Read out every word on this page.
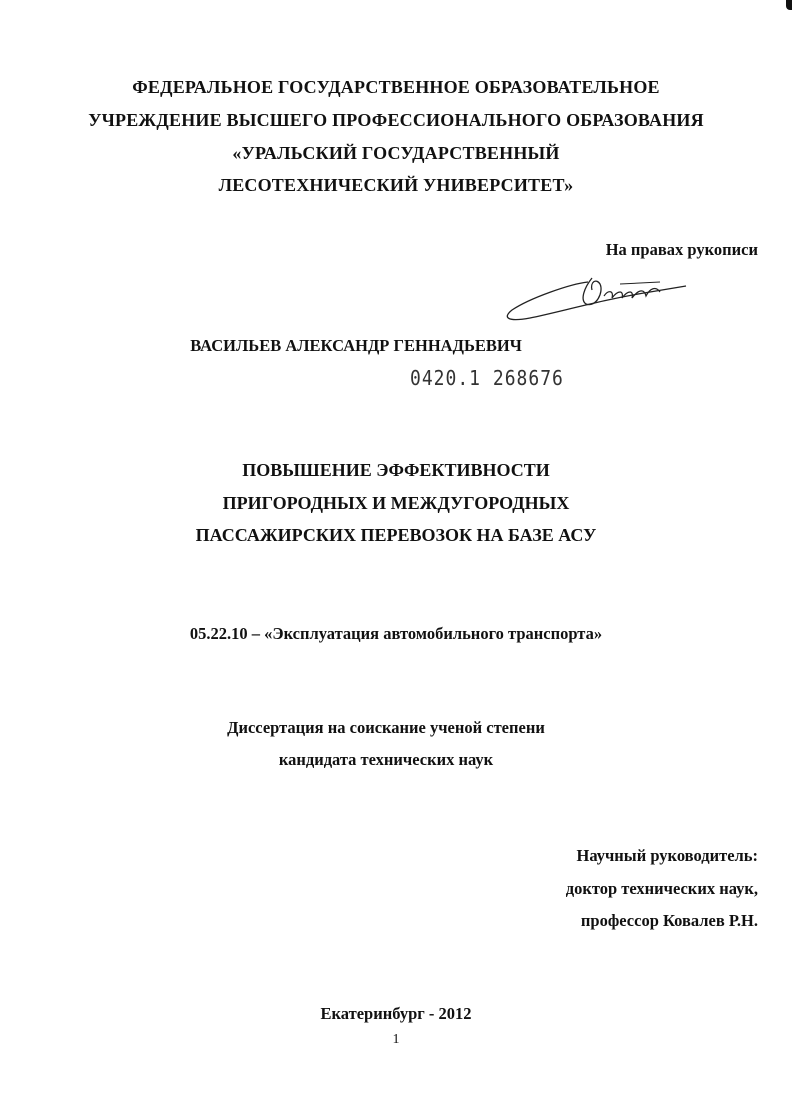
ФЕДЕРАЛЬНОЕ ГОСУДАРСТВЕННОЕ ОБРАЗОВАТЕЛЬНОЕ
УЧРЕЖДЕНИЕ ВЫСШЕГО ПРОФЕССИОНАЛЬНОГО ОБРАЗОВАНИЯ
«УРАЛЬСКИЙ ГОСУДАРСТВЕННЫЙ
ЛЕСОТЕХНИЧЕСКИЙ УНИВЕРСИТЕТ»
На правах рукописи
ВАСИЛЬЕВ АЛЕКСАНДР ГЕННАДЬЕВИЧ
0420.1 268676
ПОВЫШЕНИЕ ЭФФЕКТИВНОСТИ
ПРИГОРОДНЫХ И МЕЖДУГОРОДНЫХ
ПАССАЖИРСКИХ ПЕРЕВОЗОК НА БАЗЕ АСУ
05.22.10 – «Эксплуатация автомобильного транспорта»
Диссертация на соискание ученой степени
кандидата технических наук
Научный руководитель:
доктор технических наук,
профессор Ковалев Р.Н.
Екатеринбург - 2012
1
